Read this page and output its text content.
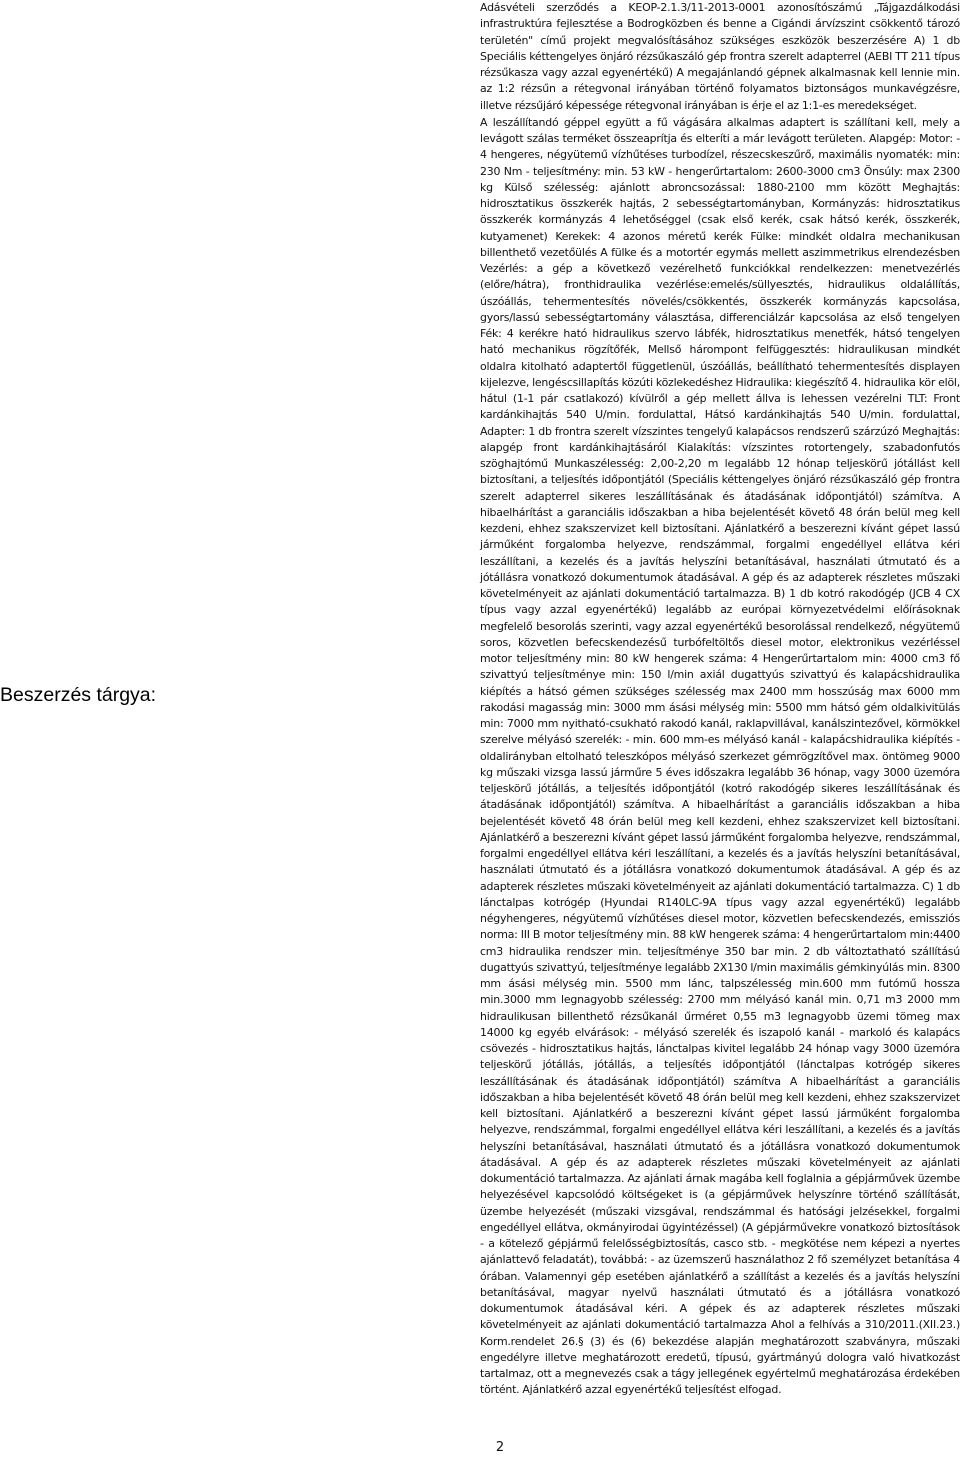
Beszerzés tárgya:

Adásvételi szerződés a KEOP-2.1.3/11-2013-0001 azonosítószámú „Tájgazdálkodási infrastruktúra fejlesztése a Bodrogközben és benne a Cigándi árvízszint csökkentő tározó területén" című projekt megvalósításához szükséges eszközök beszerzésére A) 1 db Speciális kéttengelyes önjáró rézsűkaszáló gép frontra szerelt adapterrel (AEBI TT 211 típus rézsűkasza vagy azzal egyenértékű) A megajánlandó gépnek alkalmasnak kell lennie min. az 1:2 rézsűn a rétegvonal irányában történő folyamatos biztonságos munkavégzésre, illetve rézsűjáró képessége rétegvonal irányában is érje el az 1:1-es meredekséget.

A leszállítandó géppel együtt a fű vágására alkalmas adaptert is szállítani kell, mely a levágott szálas terméket összeaprítja és elteríti a már levágott területen. Alapgép: Motor: - 4 hengeres, négyütemű vízhűtéses turbodízel, részecskeszűrő, maximális nyomaték: min: 230 Nm - teljesítmény: min. 53 kW - hengerűrtartalom: 2600-3000 cm3 Önsúly: max 2300 kg Külső szélesség: ajánlott abroncsozással: 1880-2100 mm között Meghajtás: hidrosztatikus összkerék hajtás, 2 sebességtartományban, Kormányzás: hidrosztatikus összkerék kormányzás 4 lehetőséggel (csak első kerék, csak hátsó kerék, összkerék, kutyamenet) Kerekek: 4 azonos méretű kerék Fülke: mindkét oldalra mechanikusan billenthető vezetőülés A fülke és a motortér egymás mellett aszimmetrikus elrendezésben Vezérlés: a gép a következő vezérelhető funkciókkal rendelkezzen: menetvezérlés (előre/hátra), fronthidraulika vezérlése:emelés/süllyesztés, hidraulikus oldalállítás, úszóállás, tehermentesítés növelés/csökkentés, összkerék kormányzás kapcsolása, gyors/lassú sebességtartomány választása, differenciálzár kapcsolása az első tengelyen Fék: 4 kerékre ható hidraulikus szervo lábfék, hidrosztatikus menetfék, hátsó tengelyen ható mechanikus rögzítőfék, Mellső hárompont felfüggesztés: hidraulikusan mindkét oldalra kitolható adaptertől függetlenül, úszóállás, beállítható tehermentesítés displayen kijelezve, lengéscsillapítás közúti közlekedéshez Hidraulika: kiegészítő 4. hidraulika kör elöl, hátul (1-1 pár csatlakozó) kívülről a gép mellett állva is lehessen vezérelni TLT: Front kardánkihajtás 540 U/min. fordulattal, Hátsó kardánkihajtás 540 U/min. fordulattal, Adapter: 1 db frontra szerelt vízszintes tengelyű kalapácsos rendszerű szárzúzó Meghajtás: alapgép front kardánkihajtásáról Kialakítás: vízszintes rotortengely, szabadonfutós szöghajtómű Munkaszélesség: 2,00-2,20 m legalább 12 hónap teljeskörű jótállást kell biztosítani, a teljesítés időpontjától (Speciális kéttengelyes önjáró rézsűkaszáló gép frontra szerelt adapterrel sikeres leszállításának és átadásának időpontjától) számítva. A hibaelhárítást a garanciális időszakban a hiba bejelentését követő 48 órán belül meg kell kezdeni, ehhez szakszervizet kell biztosítani. Ajánlatkérő a beszerezni kívánt gépet lassú járműként forgalomba helyezve, rendszámmal, forgalmi engedéllyel ellátva kéri leszállítani, a kezelés és a javítás helyszíni betanításával, használati útmutató és a jótállásra vonatkozó dokumentumok átadásával. A gép és az adapterek részletes műszaki követelményeit az ajánlati dokumentáció tartalmazza. B) 1 db kotró rakodógép (JCB 4 CX típus vagy azzal egyenértékű) legalább az európai környezetvédelmi előírásoknak megfelelő besorolás szerinti, vagy azzal egyenértékű besorolással rendelkező, négyütemű soros, közvetlen befecskendezésű turbófeltöltős diesel motor, elektronikus vezérléssel motor teljesítmény min: 80 kW hengerek száma: 4 Hengerűrtartalom min: 4000 cm3 fő szivattyú teljesítménye min: 150 l/min axiál dugattyús szivattyú és kalapácshidraulika kiépítés a hátsó gémen szükséges szélesség max 2400 mm hosszúság max 6000 mm rakodási magasság min: 3000 mm ásási mélység min: 5500 mm hátsó gém oldalkivitülás min: 7000 mm nyitható-csukható rakodó kanál, raklapvillával, kanálszintezővel, körmökkel szerelve mélyásó szerelék: - min. 600 mm-es mélyásó kanál - kalapácshidraulika kiépítés - oldalirányban eltolható teleszkópos mélyásó szerkezet gémrögzítővel max. öntömeg 9000 kg műszaki vizsga lassú járműre 5 éves időszakra legalább 36 hónap, vagy 3000 üzemóra teljeskörű jótállás, a teljesítés időpontjától (kotró rakodógép sikeres leszállításának és átadásának időpontjától) számítva. A hibaelhárítást a garanciális időszakban a hiba bejelentését követő 48 órán belül meg kell kezdeni, ehhez szakszervizet kell biztosítani. Ajánlatkérő a beszerezni kívánt gépet lassú járműként forgalomba helyezve, rendszámmal, forgalmi engedéllyel ellátva kéri leszállítani, a kezelés és a javítás helyszíni betanításával, használati útmutató és a jótállásra vonatkozó dokumentumok átadásával. A gép és az adapterek részletes műszaki követelményeit az ajánlati dokumentáció tartalmazza. C) 1 db lánctalpas kotrógép (Hyundai R140LC-9A típus vagy azzal egyenértékű) legalább négyhengeres, négyütemű vízhűtéses diesel motor, közvetlen befecskendezés, emissziós norma: III B motor teljesítmény min. 88 kW hengerek száma: 4 hengerűrtartalom min:4400 cm3 hidraulika rendszer min. teljesítménye 350 bar min. 2 db változtatható szállítású dugattyús szivattyú, teljesítménye legalább 2X130 l/min maximális gémkinyúlás min. 8300 mm ásási mélység min. 5500 mm lánc, talpszélesség min.600 mm futómű hossza min.3000 mm legnagyobb szélesség: 2700 mm mélyásó kanál min. 0,71 m3 2000 mm hidraulikusan billenthető rézsűkanál űrméret 0,55 m3 legnagyobb üzemi tömeg max 14000 kg egyéb elvárások: - mélyásó szerelék és iszapoló kanál - markoló és kalapács csövezés - hidrosztatikus hajtás, lánctalpas kivitel legalább 24 hónap vagy 3000 üzemóra teljeskörű jótállás, jótállás, a teljesítés időpontjától (lánctalpas kotrógép sikeres leszállításának és átadásának időpontjától) számítva A hibaelhárítást a garanciális időszakban a hiba bejelentését követő 48 órán belül meg kell kezdeni, ehhez szakszervizet kell biztosítani. Ajánlatkérő a beszerezni kívánt gépet lassú járműként forgalomba helyezve, rendszámmal, forgalmi engedéllyel ellátva kéri leszállítani, a kezelés és a javítás helyszíni betanításával, használati útmutató és a jótállásra vonatkozó dokumentumok átadásával. A gép és az adapterek részletes műszaki követelményeit az ajánlati dokumentáció tartalmazza. Az ajánlati árnak magába kell foglalnia a gépjárművek üzembe helyezésével kapcsolódó költségeket is (a gépjárművek helyszínre történő szállítását, üzembe helyezését (műszaki vizsgával, rendszámmal és hatósági jelzésekkel, forgalmi engedéllyel ellátva, okmányirodai ügyintézéssel) (A gépjárművekre vonatkozó biztosítások - a kötelező gépjármű felelősségbiztosítás, casco stb. - megkötése nem képezi a nyertes ajánlattevő feladatát), továbbá: - az üzemszerű használathoz 2 fő személyzet betanítása 4 órában. Valamennyi gép esetében ajánlatkérő a szállítást a kezelés és a javítás helyszíni betanításával, magyar nyelvű használati útmutató és a jótállásra vonatkozó dokumentumok átadásával kéri. A gépek és az adapterek részletes műszaki követelményeit az ajánlati dokumentáció tartalmazza Ahol a felhívás a 310/2011.(XII.23.) Korm.rendelet 26.§ (3) és (6) bekezdése alapján meghatározott szabványra, műszaki engedélyre illetve meghatározott eredetű, típusú, gyártmányú dologra való hivatkozást tartalmaz, ott a megnevezés csak a tágy jellegének egyértelmű meghatározása érdekében történt. Ajánlatkérő azzal egyenértékű teljesítést elfogad.

2
